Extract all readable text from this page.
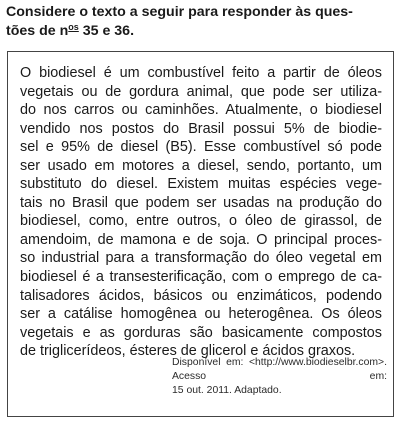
Considere o texto a seguir para responder às ques-
tões de $n^{os}$ 35 e 36.
O biodiesel é um combustível feito a partir de óleos
vegetais ou de gordura animal, que pode ser utiliza-
do nos carros ou caminhões. Atualmente, o biodiesel
vendido nos postos do Brasil possui 5% de biodie-
sel e 95% de diesel (B5). Esse combustível só pode
ser usado em motores a diesel, sendo, portanto, um
substituto do diesel. Existem muitas espécies vege-
tais no Brasil que podem ser usadas na produção do
biodiesel, como, entre outros, o óleo de girassol, de
amendoim, de mamona e de soja. O principal proces-
so industrial para a transformação do óleo vegetal em
biodiesel é a transesterificação, com o emprego de ca-
talisadores ácidos, básicos ou enzimáticos, podendo
ser a catálise homogênea ou heterogênea. Os óleos
vegetais e as gorduras são basicamente compostos
de triglicerídeos, ésteres de glicerol e ácidos graxos.
Disponível em: <http://www.biodieselbr.com>. Acesso em:
15 out. 2011. Adaptado.
